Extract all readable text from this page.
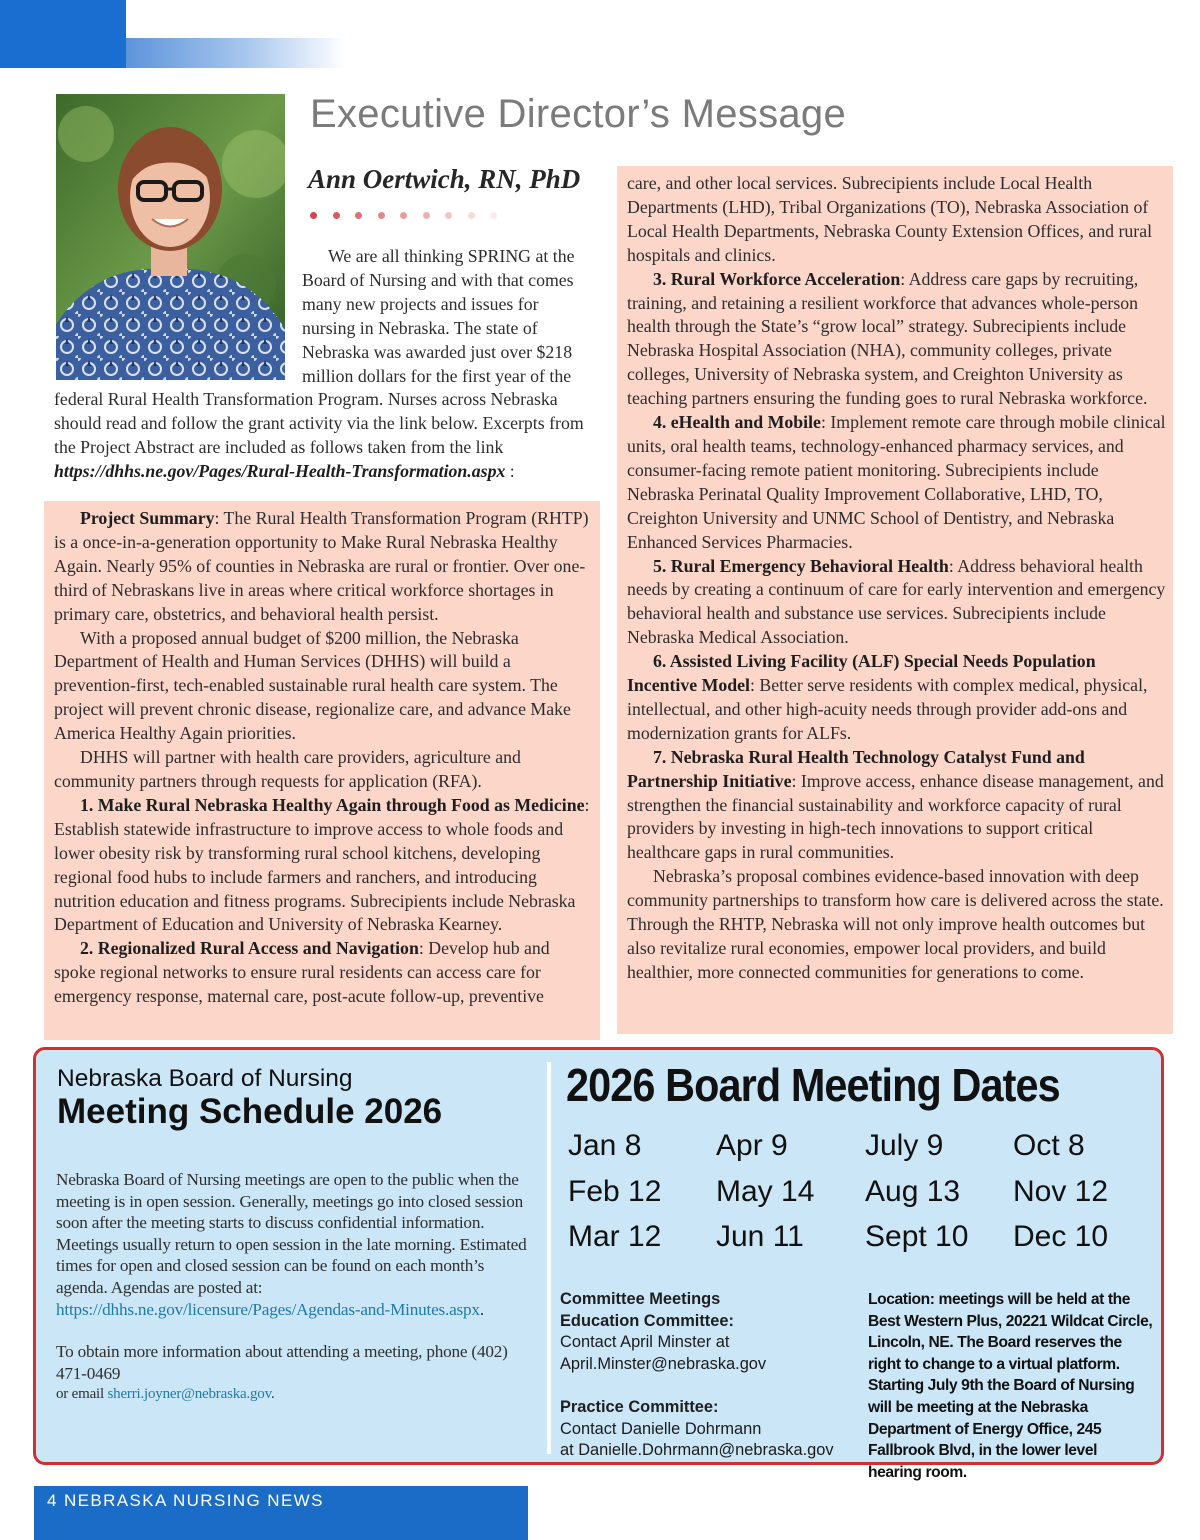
Executive Director’s Message
Ann Oertwich, RN, PhD

We are all thinking SPRING at the Board of Nursing and with that comes many new projects and issues for nursing in Nebraska. The state of Nebraska was awarded just over $218 million dollars for the first year of the federal Rural Health Transformation Program. Nurses across Nebraska should read and follow the grant activity via the link below. Excerpts from the Project Abstract are included as follows taken from the link https://dhhs.ne.gov/Pages/Rural-Health-Transformation.aspx :

Project Summary: The Rural Health Transformation Program (RHTP) is a once-in-a-generation opportunity to Make Rural Nebraska Healthy Again. Nearly 95% of counties in Nebraska are rural or frontier. Over one-third of Nebraskans live in areas where critical workforce shortages in primary care, obstetrics, and behavioral health persist.

With a proposed annual budget of $200 million, the Nebraska Department of Health and Human Services (DHHS) will build a prevention-first, tech-enabled sustainable rural health care system. The project will prevent chronic disease, regionalize care, and advance Make America Healthy Again priorities.

DHHS will partner with health care providers, agriculture and community partners through requests for application (RFA).

1. Make Rural Nebraska Healthy Again through Food as Medicine: Establish statewide infrastructure to improve access to whole foods and lower obesity risk by transforming rural school kitchens, developing regional food hubs to include farmers and ranchers, and introducing nutrition education and fitness programs. Subrecipients include Nebraska Department of Education and University of Nebraska Kearney.

2. Regionalized Rural Access and Navigation: Develop hub and spoke regional networks to ensure rural residents can access care for emergency response, maternal care, post-acute follow-up, preventive

care, and other local services. Subrecipients include Local Health Departments (LHD), Tribal Organizations (TO), Nebraska Association of Local Health Departments, Nebraska County Extension Offices, and rural hospitals and clinics.

3. Rural Workforce Acceleration: Address care gaps by recruiting, training, and retaining a resilient workforce that advances whole-person health through the State’s “grow local” strategy. Subrecipients include Nebraska Hospital Association (NHA), community colleges, private colleges, University of Nebraska system, and Creighton University as teaching partners ensuring the funding goes to rural Nebraska workforce.

4. eHealth and Mobile: Implement remote care through mobile clinical units, oral health teams, technology-enhanced pharmacy services, and consumer-facing remote patient monitoring. Subrecipients include Nebraska Perinatal Quality Improvement Collaborative, LHD, TO, Creighton University and UNMC School of Dentistry, and Nebraska Enhanced Services Pharmacies.

5. Rural Emergency Behavioral Health: Address behavioral health needs by creating a continuum of care for early intervention and emergency behavioral health and substance use services. Subrecipients include Nebraska Medical Association.

6. Assisted Living Facility (ALF) Special Needs Population Incentive Model: Better serve residents with complex medical, physical, intellectual, and other high-acuity needs through provider add-ons and modernization grants for ALFs.

7. Nebraska Rural Health Technology Catalyst Fund and Partnership Initiative: Improve access, enhance disease management, and strengthen the financial sustainability and workforce capacity of rural providers by investing in high-tech innovations to support critical healthcare gaps in rural communities.

Nebraska’s proposal combines evidence-based innovation with deep community partnerships to transform how care is delivered across the state. Through the RHTP, Nebraska will not only improve health outcomes but also revitalize rural economies, empower local providers, and build healthier, more connected communities for generations to come.

Nebraska Board of Nursing
Meeting Schedule 2026

Nebraska Board of Nursing meetings are open to the public when the meeting is in open session. Generally, meetings go into closed session soon after the meeting starts to discuss confidential information. Meetings usually return to open session in the late morning. Estimated times for open and closed session can be found on each month’s agenda. Agendas are posted at:
https://dhhs.ne.gov/licensure/Pages/Agendas-and-Minutes.aspx.

To obtain more information about attending a meeting, phone (402) 471-0469

or email sherri.joyner@nebraska.gov.

2026 Board Meeting Dates
Jan 8 Apr 9	July 9 Oct 8
Feb 12 May 14 Aug 13 Nov 12
Mar 12 Jun 11 Sept 10 Dec 10

Committee Meetings

Education Committee:

Contact April Minster at

April.Minster@nebraska.gov

Practice Committee:

Contact Danielle Dohrmann

at Danielle.Dohrmann@nebraska.gov

Location: meetings will be held at the Best Western Plus, 20221 Wildcat Circle, Lincoln, NE. The Board reserves the right to change to a virtual platform. Starting July 9th the Board of Nursing will be meeting at the Nebraska Department of Energy Office, 245 Fallbrook Blvd, in the lower level hearing room.
4 NEBRASKA NURSING NEWS
